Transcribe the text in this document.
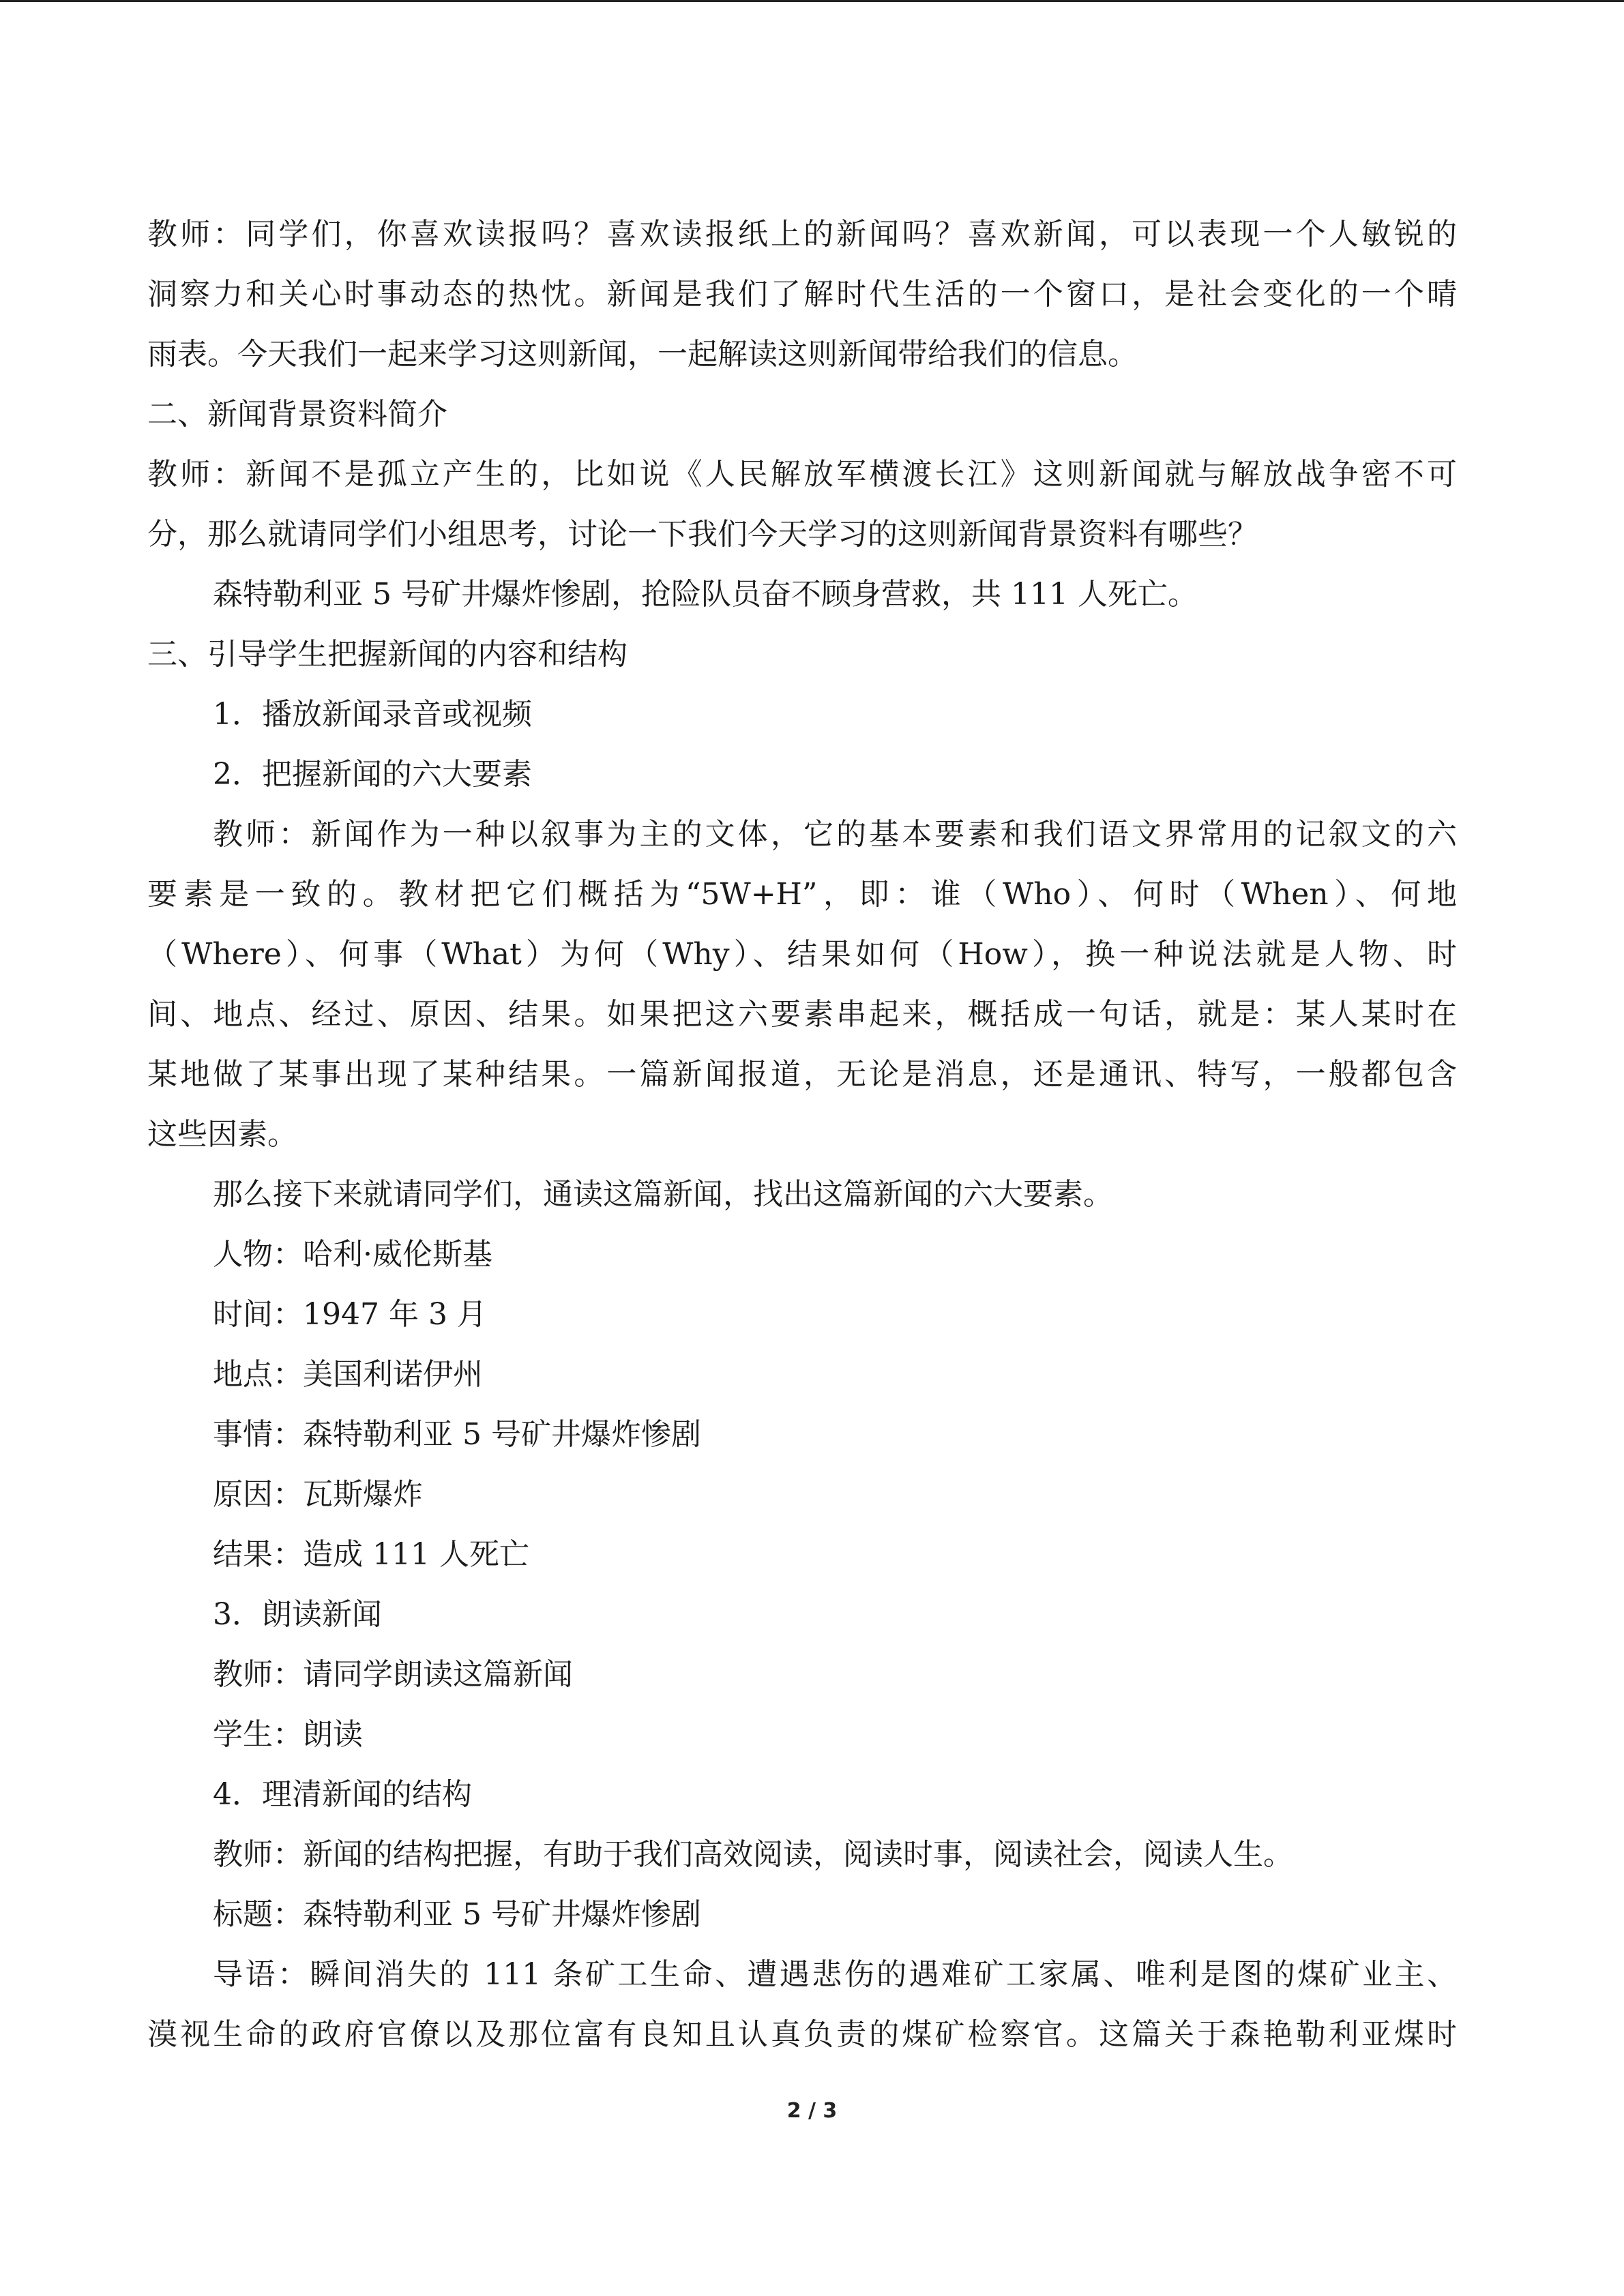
教师：同学们，你喜欢读报吗？喜欢读报纸上的新闻吗？喜欢新闻，可以表现一个人敏锐的
洞察力和关心时事动态的热忱。新闻是我们了解时代生活的一个窗口，是社会变化的一个晴
雨表。今天我们一起来学习这则新闻，一起解读这则新闻带给我们的信息。
二、新闻背景资料简介
教师：新闻不是孤立产生的，比如说《人民解放军横渡长江》这则新闻就与解放战争密不可
分，那么就请同学们小组思考，讨论一下我们今天学习的这则新闻背景资料有哪些？
森特勒利亚 5 号矿井爆炸惨剧，抢险队员奋不顾身营救，共 111 人死亡。
三、引导学生把握新闻的内容和结构
1．播放新闻录音或视频
2．把握新闻的六大要素
教师：新闻作为一种以叙事为主的文体，它的基本要素和我们语文界常用的记叙文的六
要素是一致的。教材把它们概括为“5W+H”，即：谁（Who）、何时（When）、何地
（Where）、何事（What）为何（Why）、结果如何（How），换一种说法就是人物、时
间、地点、经过、原因、结果。如果把这六要素串起来，概括成一句话，就是：某人某时在
某地做了某事出现了某种结果。一篇新闻报道，无论是消息，还是通讯、特写，一般都包含
这些因素。
那么接下来就请同学们，通读这篇新闻，找出这篇新闻的六大要素。
人物：哈利·威伦斯基
时间：1947 年 3 月
地点：美国利诺伊州
事情：森特勒利亚 5 号矿井爆炸惨剧
原因：瓦斯爆炸
结果：造成 111 人死亡
3．朗读新闻
教师：请同学朗读这篇新闻
学生：朗读
4．理清新闻的结构
教师：新闻的结构把握，有助于我们高效阅读，阅读时事，阅读社会，阅读人生。
标题：森特勒利亚 5 号矿井爆炸惨剧
导语：瞬间消失的 111 条矿工生命、遭遇悲伤的遇难矿工家属、唯利是图的煤矿业主、
漠视生命的政府官僚以及那位富有良知且认真负责的煤矿检察官。这篇关于森艳勒利亚煤时
2 / 3
